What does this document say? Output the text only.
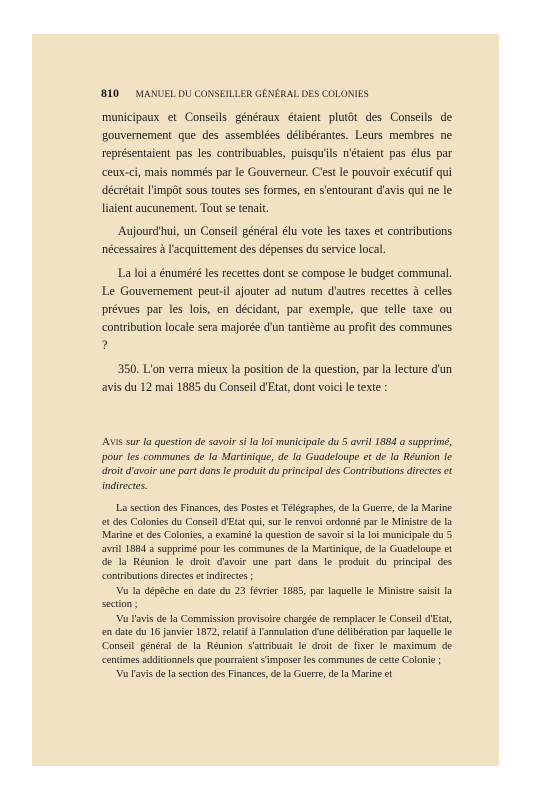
810 MANUEL DU CONSEILLER GÉNÉRAL DES COLONIES

municipaux et Conseils généraux étaient plutôt des Conseils de gouvernement que des assemblées délibérantes. Leurs membres ne représentaient pas les contribuables, puisqu'ils n'étaient pas élus par ceux-ci, mais nommés par le Gouverneur. C'est le pouvoir exécutif qui décrétait l'impôt sous toutes ses formes, en s'entourant d'avis qui ne le liaient aucunement. Tout se tenait.

Aujourd'hui, un Conseil général élu vote les taxes et contributions nécessaires à l'acquittement des dépenses du service local.

La loi a énuméré les recettes dont se compose le budget communal. Le Gouvernement peut-il ajouter ad nutum d'autres recettes à celles prévues par les lois, en décidant, par exemple, que telle taxe ou contribution locale sera majorée d'un tantième au profit des communes ?

350. L'on verra mieux la position de la question, par la lecture d'un avis du 12 mai 1885 du Conseil d'Etat, dont voici le texte :

Avis sur la question de savoir si la loi municipale du 5 avril 1884 a supprimé, pour les communes de la Martinique, de la Guadeloupe et de la Réunion le droit d'avoir une part dans le produit du principal des Contributions directes et indirectes.

La section des Finances, des Postes et Télégraphes, de la Guerre, de la Marine et des Colonies du Conseil d'Etat qui, sur le renvoi ordonné par le Ministre de la Marine et des Colonies, a examiné la question de savoir si la loi municipale du 5 avril 1884 a supprimé pour les communes de la Martinique, de la Guadeloupe et de la Réunion le droit d'avoir une part dans le produit du principal des contributions directes et indirectes ;

Vu la dépêche en date du 23 février 1885, par laquelle le Ministre saisit la section ;

Vu l'avis de la Commission provisoire chargée de remplacer le Conseil d'Etat, en date du 16 janvier 1872, relatif à l'annulation d'une délibération par laquelle le Conseil général de la Réunion s'attribuait le droit de fixer le maximum de centimes additionnels que pourraient s'imposer les communes de cette Colonie ;

Vu l'avis de la section des Finances, de la Guerre, de la Marine et
